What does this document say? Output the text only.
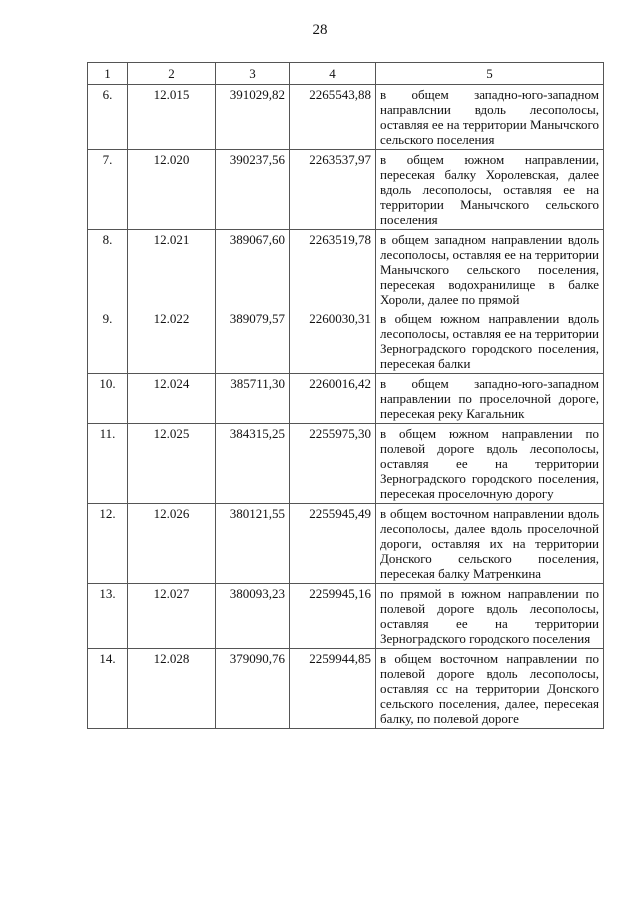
28
1	2	3	4	5
6.	12.015	391029,82	2265543,88	в общем западно-юго-западном направлснии вдоль лесополосы, оставляя ее на территории Манычского сельского поселения
7.	12.020	390237,56	2263537,97	в общем южном направлении, пересекая балку Хоролевская, далее вдоль лесополосы, оставляя ее на территории Манычского сельского поселения
8.	12.021	389067,60	2263519,78	в общем западном направлении вдоль лесополосы, оставляя ее на территории Манычского сельского поселения, пересекая водохранилище в балке Хороли, далее по прямой
9.	12.022	389079,57	2260030,31	в общем южном направлении вдоль лесополосы, оставляя ее на территории Зерноградского городского поселения, пересекая балки
10.	12.024	385711,30	2260016,42	в общем западно-юго-западном направлении по проселочной дороге, пересекая реку Кагальник
11.	12.025	384315,25	2255975,30	в общем южном направлении по полевой дороге вдоль лесополосы, оставляя ее на территории Зерноградского городского поселения, пересекая проселочную дорогу
12.	12.026	380121,55	2255945,49	в общем восточном направлении вдоль лесополосы, далее вдоль проселочной дороги, оставляя их на территории Донского сельского поселения, пересекая балку Матренкина
13.	12.027	380093,23	2259945,16	по прямой в южном направлении по полевой дороге вдоль лесополосы, оставляя ее на территории Зерноградского городского поселения
14.	12.028	379090,76	2259944,85	в общем восточном направлении по полевой дороге вдоль лесополосы, оставляя сс на территории Донского сельского поселения, далее, пересекая балку, по полевой дороге
